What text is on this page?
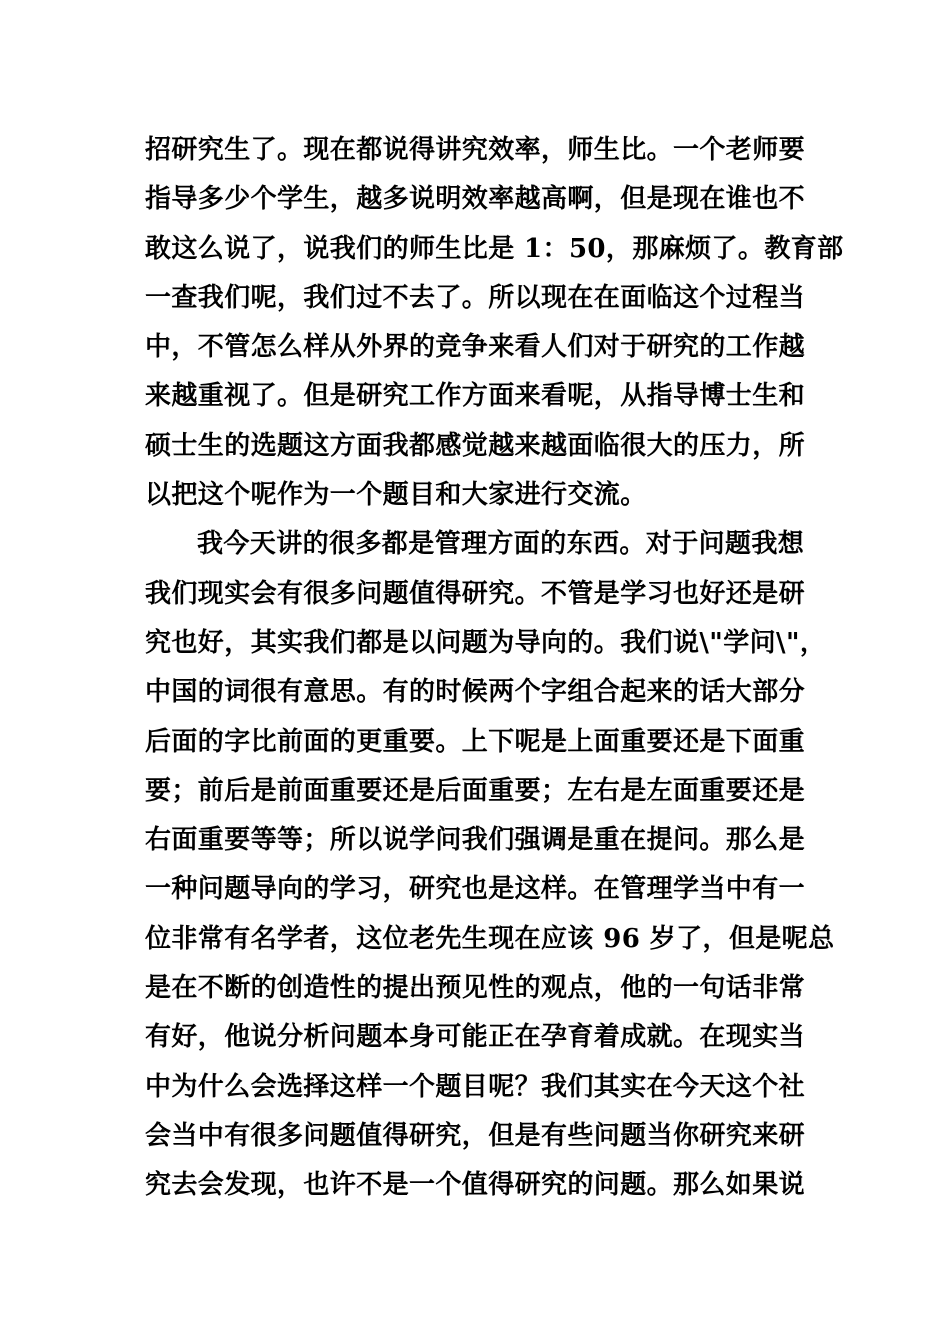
招研究生了。现在都说得讲究效率，师生比。一个老师要
指导多少个学生，越多说明效率越高啊，但是现在谁也不
敢这么说了，说我们的师生比是 1：50，那麻烦了。教育部
一查我们呢，我们过不去了。所以现在在面临这个过程当
中，不管怎么样从外界的竞争来看人们对于研究的工作越
来越重视了。但是研究工作方面来看呢，从指导博士生和
硕士生的选题这方面我都感觉越来越面临很大的压力，所
以把这个呢作为一个题目和大家进行交流。
我今天讲的很多都是管理方面的东西。对于问题我想
我们现实会有很多问题值得研究。不管是学习也好还是研
究也好，其实我们都是以问题为导向的。我们说\"学问\"，
中国的词很有意思。有的时候两个字组合起来的话大部分
后面的字比前面的更重要。上下呢是上面重要还是下面重
要；前后是前面重要还是后面重要；左右是左面重要还是
右面重要等等；所以说学问我们强调是重在提问。那么是
一种问题导向的学习，研究也是这样。在管理学当中有一
位非常有名学者，这位老先生现在应该 96 岁了，但是呢总
是在不断的创造性的提出预见性的观点，他的一句话非常
有好，他说分析问题本身可能正在孕育着成就。在现实当
中为什么会选择这样一个题目呢？我们其实在今天这个社
会当中有很多问题值得研究，但是有些问题当你研究来研
究去会发现，也许不是一个值得研究的问题。那么如果说
